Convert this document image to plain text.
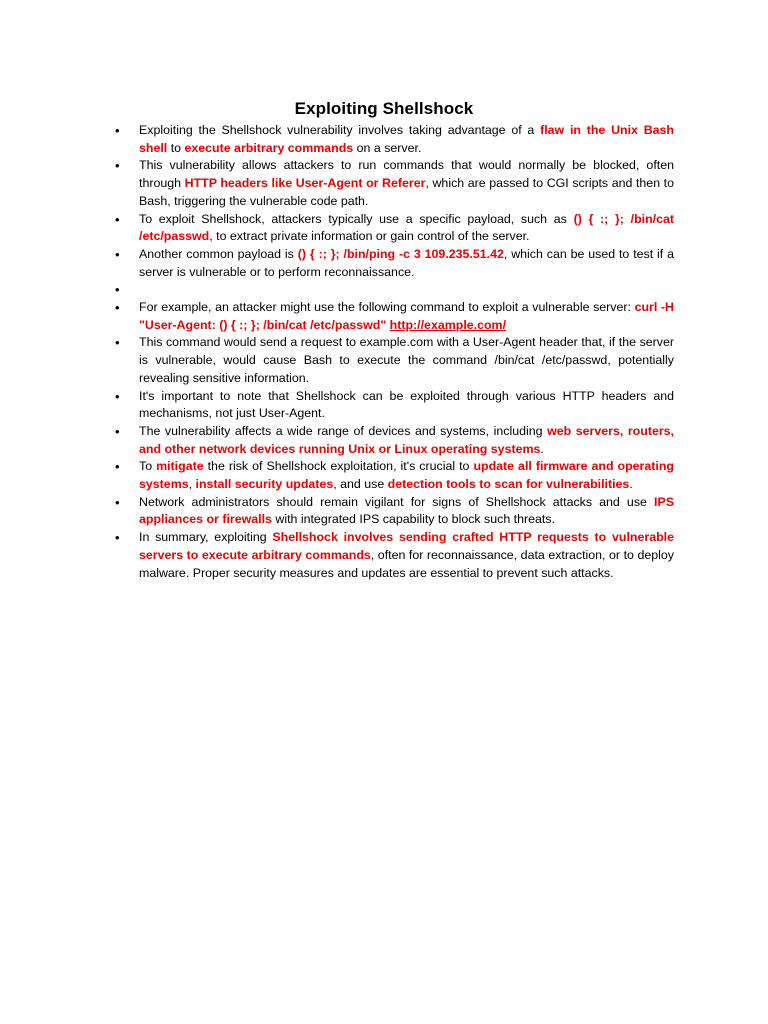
Exploiting Shellshock
• Exploiting the Shellshock vulnerability involves taking advantage of a flaw in the Unix Bash shell to execute arbitrary commands on a server.
• This vulnerability allows attackers to run commands that would normally be blocked, often through HTTP headers like User-Agent or Referer, which are passed to CGI scripts and then to Bash, triggering the vulnerable code path.
• To exploit Shellshock, attackers typically use a specific payload, such as () { :; }; /bin/cat /etc/passwd, to extract private information or gain control of the server.
• Another common payload is () { :; }; /bin/ping -c 3 109.235.51.42, which can be used to test if a server is vulnerable or to perform reconnaissance.
•
• For example, an attacker might use the following command to exploit a vulnerable server: curl -H "User-Agent: () { :; }; /bin/cat /etc/passwd" http://example.com/
• This command would send a request to example.com with a User-Agent header that, if the server is vulnerable, would cause Bash to execute the command /bin/cat /etc/passwd, potentially revealing sensitive information.
• It's important to note that Shellshock can be exploited through various HTTP headers and mechanisms, not just User-Agent.
• The vulnerability affects a wide range of devices and systems, including web servers, routers, and other network devices running Unix or Linux operating systems.
• To mitigate the risk of Shellshock exploitation, it's crucial to update all firmware and operating systems, install security updates, and use detection tools to scan for vulnerabilities.
• Network administrators should remain vigilant for signs of Shellshock attacks and use IPS appliances or firewalls with integrated IPS capability to block such threats.
• In summary, exploiting Shellshock involves sending crafted HTTP requests to vulnerable servers to execute arbitrary commands, often for reconnaissance, data extraction, or to deploy malware. Proper security measures and updates are essential to prevent such attacks.
